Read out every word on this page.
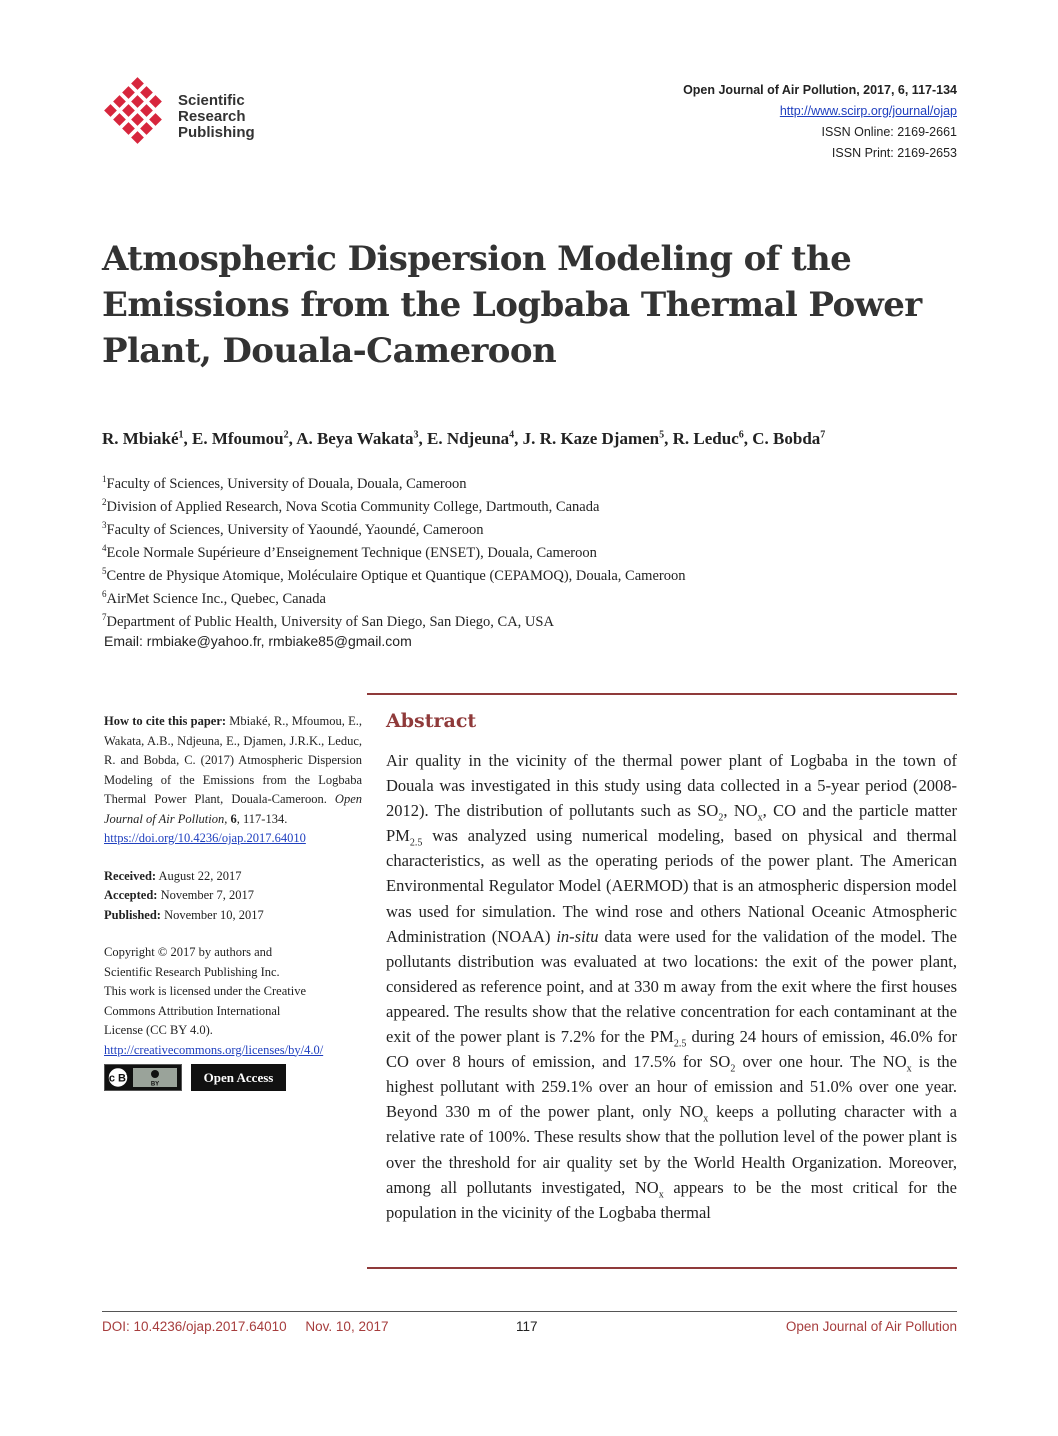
Scientific
Research
Publishing
Open Journal of Air Pollution, 2017, 6, 117-134
http://www.scirp.org/journal/ojap
ISSN Online: 2169-2661
ISSN Print: 2169-2653
Atmospheric Dispersion Modeling of the Emissions from the Logbaba Thermal Power Plant, Douala-Cameroon
R. Mbiaké$^1$, E. Mfoumou$^2$, A. Beya Wakata$^3$, E. Ndjeuna$^4$, J. R. Kaze Djamen$^5$, R. Leduc$^6$, C. Bobda$^7$
$^1$Faculty of Sciences, University of Douala, Douala, Cameroon
$^2$Division of Applied Research, Nova Scotia Community College, Dartmouth, Canada
$^3$Faculty of Sciences, University of Yaoundé, Yaoundé, Cameroon
$^4$Ecole Normale Supérieure d’Enseignement Technique (ENSET), Douala, Cameroon
$^5$Centre de Physique Atomique, Moléculaire Optique et Quantique (CEPAMOQ), Douala, Cameroon
$^6$AirMet Science Inc., Quebec, Canada
$^7$Department of Public Health, University of San Diego, San Diego, CA, USA
Email: rmbiake@yahoo.fr, rmbiake85@gmail.com
How to cite this paper: Mbiaké, R., Mfoumou, E., Wakata, A.B., Ndjeuna, E., Djamen, J.R.K., Leduc, R. and Bobda, C. (2017) Atmospheric Dispersion Modeling of the Emissions from the Logbaba Thermal Power Plant, Douala-Cameroon. Open Journal of Air Pollution, 6, 117-134.
https://doi.org/10.4236/ojap.2017.64010
Received: August 22, 2017
Accepted: November 7, 2017
Published: November 10, 2017
Copyright © 2017 by authors and
Scientific Research Publishing Inc.
This work is licensed under the Creative
Commons Attribution International
License (CC BY 4.0).
http://creativecommons.org/licenses/by/4.0/
cc BY	BY	Open Access
Abstract
Air quality in the vicinity of the thermal power plant of Logbaba in the town of Douala was investigated in this study using data collected in a 5-year period (2008-2012). The distribution of pollutants such as $SO_2$, $NO_x$, CO and the particle matter $PM_{2.5}$ was analyzed using numerical modeling, based on physical and thermal characteristics, as well as the operating periods of the power plant. The American Environmental Regulator Model (AERMOD) that is an atmospheric dispersion model was used for simulation. The wind rose and others National Oceanic Atmospheric Administration (NOAA) in-situ data were used for the validation of the model. The pollutants distribution was evaluated at two locations: the exit of the power plant, considered as reference point, and at 330 m away from the exit where the first houses appeared. The results show that the relative concentration for each contaminant at the exit of the power plant is 7.2% for the $PM_{2.5}$ during 24 hours of emission, 46.0% for CO over 8 hours of emission, and 17.5% for $SO_2$ over one hour. The $NO_x$ is the highest pollutant with 259.1% over an hour of emission and 51.0% over one year. Beyond 330 m of the power plant, only $NO_x$ keeps a polluting character with a relative rate of 100%. These results show that the pollution level of the power plant is over the threshold for air quality set by the World Health Organization. Moreover, among all pollutants investigated, $NO_x$ appears to be the most critical for the population in the vicinity of the Logbaba thermal
DOI: 10.4236/ojap.2017.64010 Nov. 10, 2017	117	Open Journal of Air Pollution
